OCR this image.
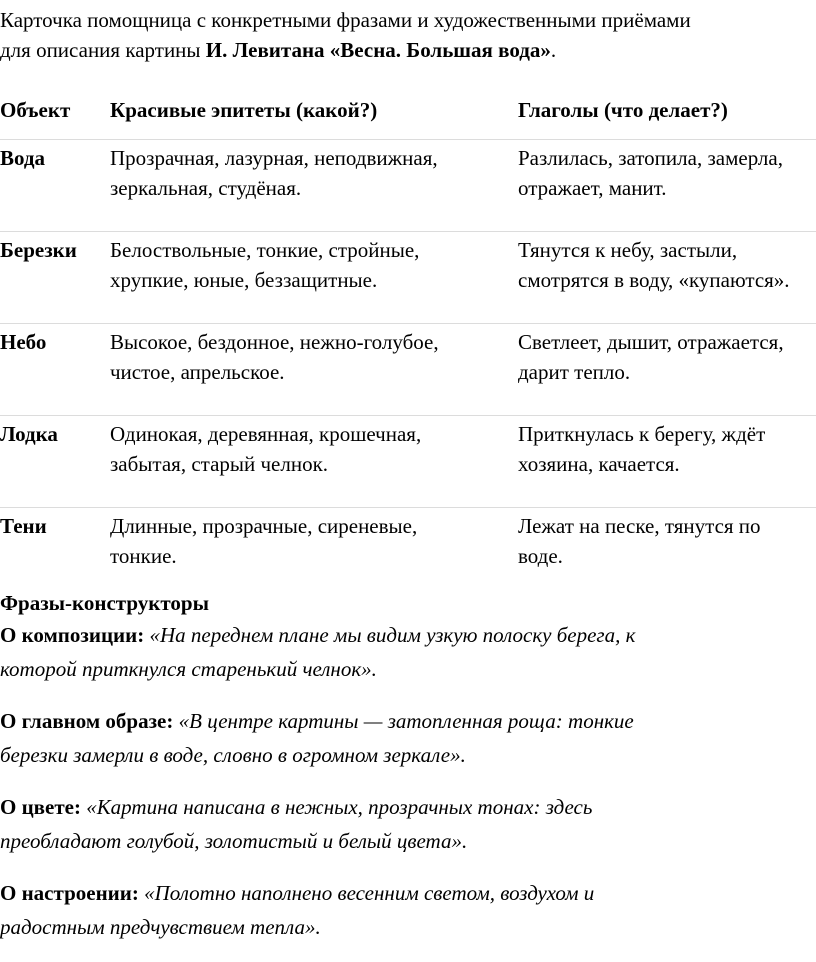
Карточка помощница с конкретными фразами и художественными приёмами
для описания картины И. Левитана «Весна. Большая вода».
Объект	Красивые эпитеты (какой?)	Глаголы (что делает?)
Вода	Прозрачная, лазурная, неподвижная,
зеркальная, студёная.	Разлилась, затопила, замерла,
отражает, манит.
Березки	Белоствольные, тонкие, стройные,
хрупкие, юные, беззащитные.	Тянутся к небу, застыли,
смотрятся в воду, «купаются».
Небо	Высокое, бездонное, нежно-голубое,
чистое, апрельское.	Светлеет, дышит, отражается,
дарит тепло.
Лодка	Одинокая, деревянная, крошечная,
забытая, старый челнок.	Приткнулась к берегу, ждёт
хозяина, качается.
Тени	Длинные, прозрачные, сиреневые,
тонкие.	Лежат на песке, тянутся по
воде.
Фразы-конструкторы

О композиции: «На переднем плане мы видим узкую полоску берега, к
которой приткнулся старенький челнок».

О главном образе: «В центре картины — затопленная роща: тонкие
березки замерли в воде, словно в огромном зеркале».

О цвете: «Картина написана в нежных, прозрачных тонах: здесь
преобладают голубой, золотистый и белый цвета».

О настроении: «Полотно наполнено весенним светом, воздухом и
радостным предчувствием тепла».
